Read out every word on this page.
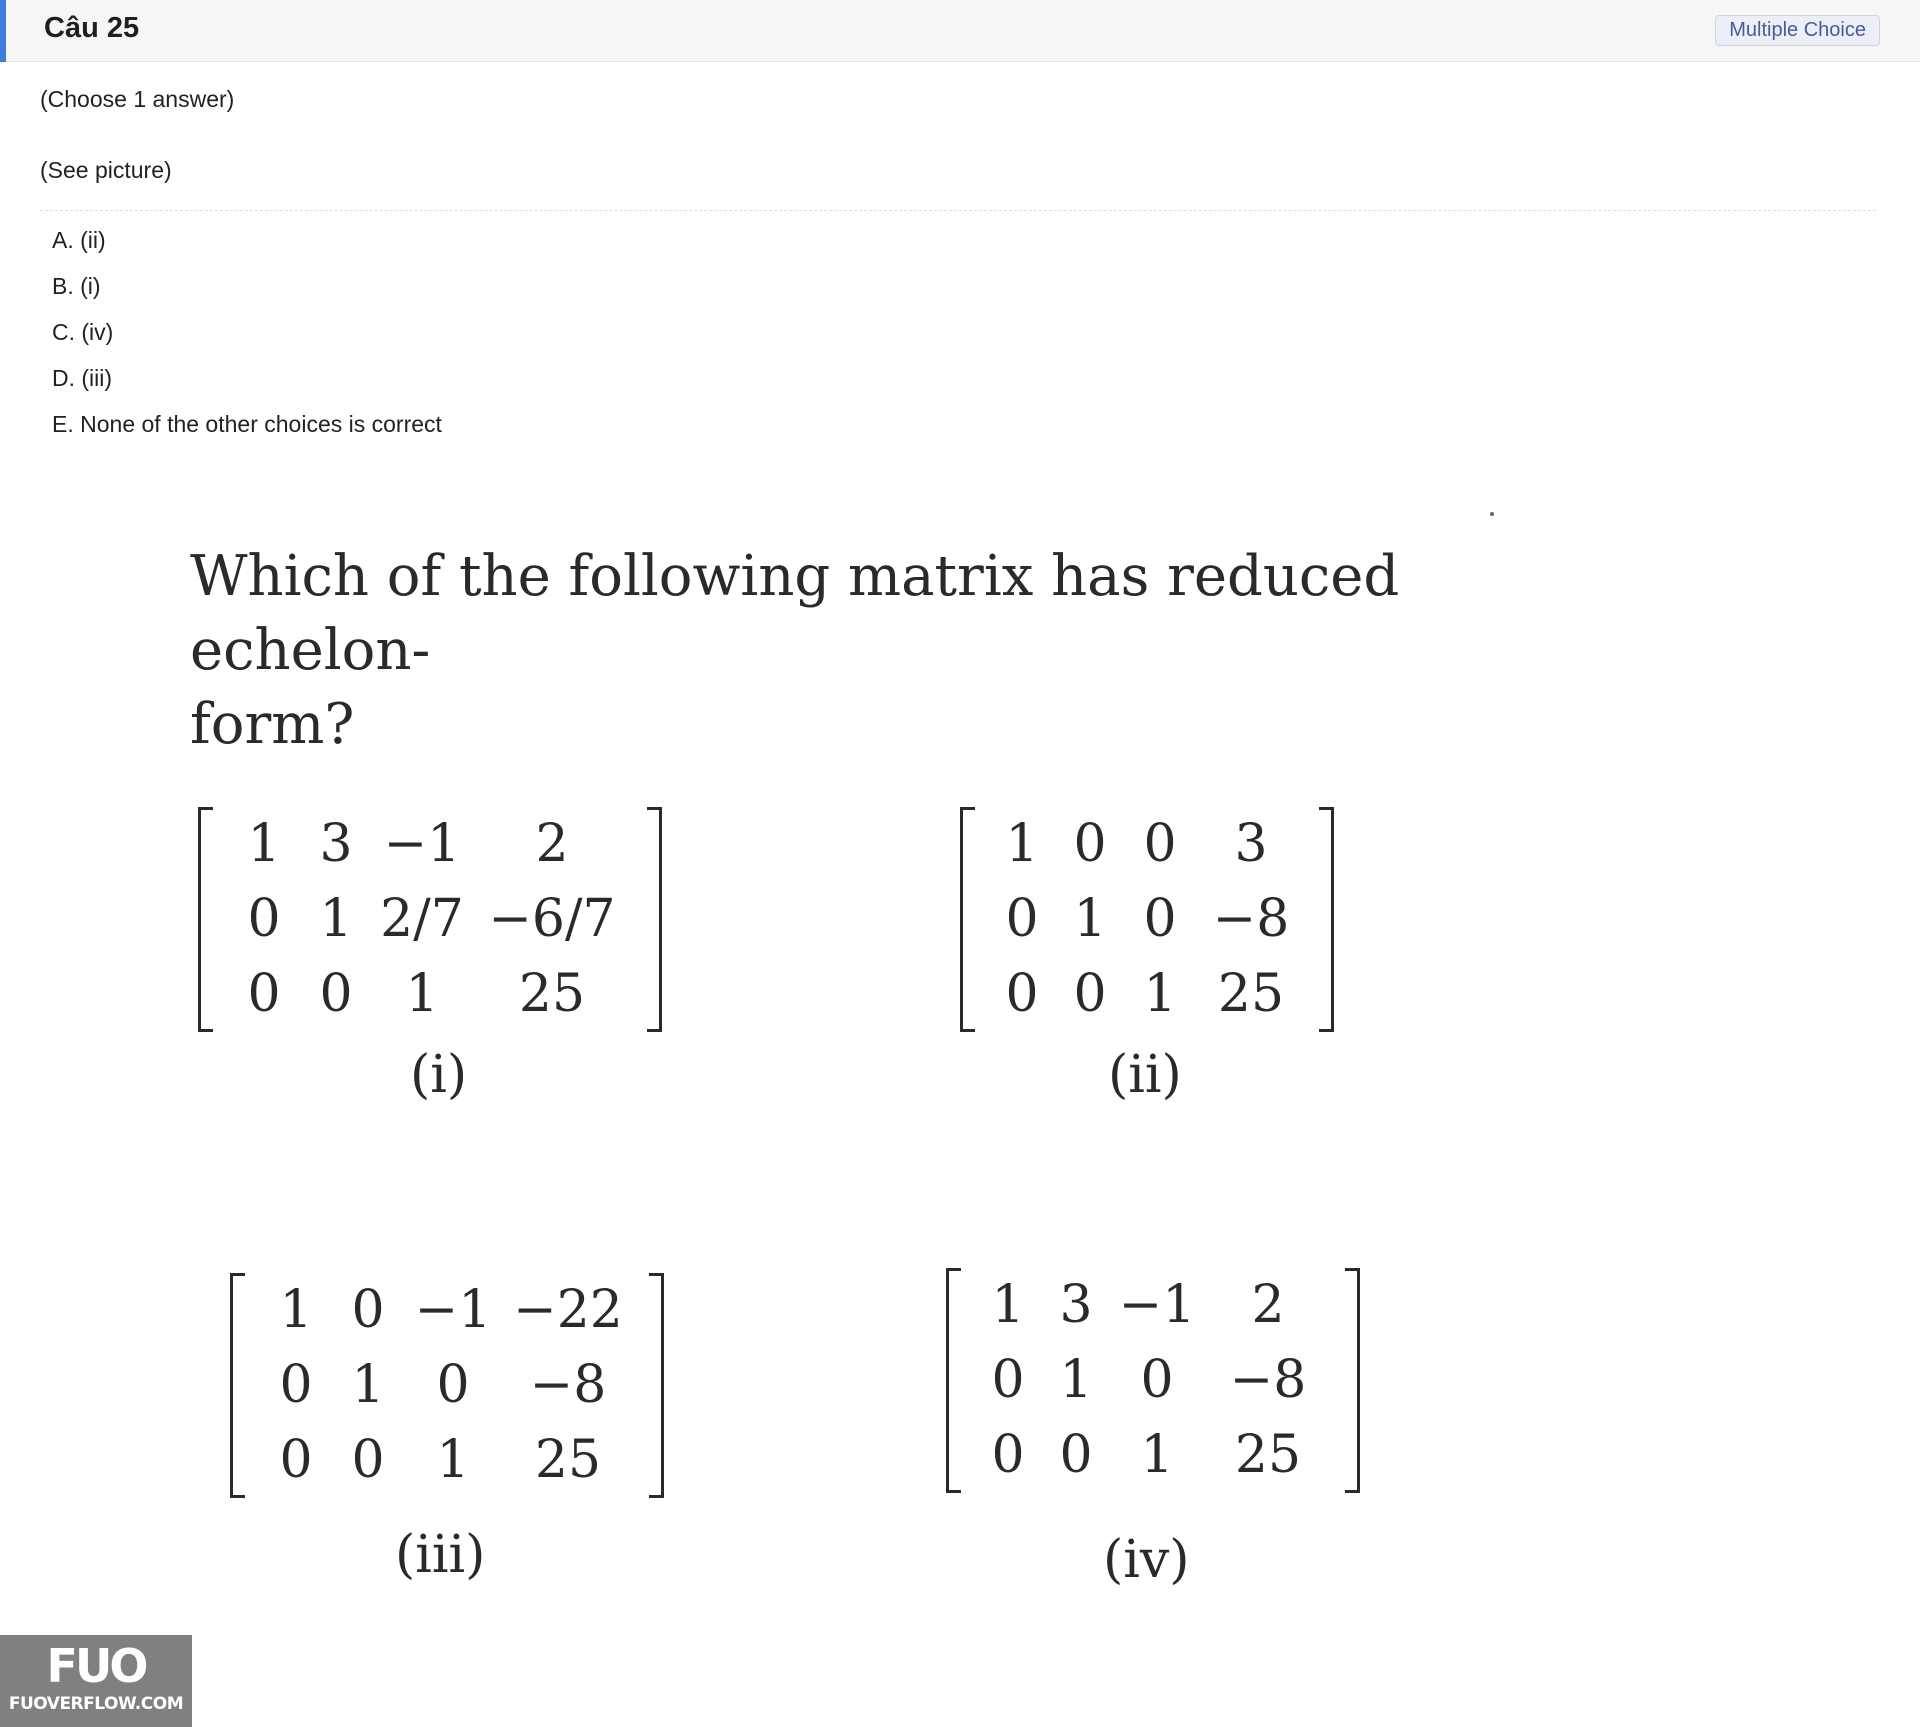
Câu 25	Multiple Choice
(Choose 1 answer)
(See picture)
A. (ii)
B. (i)
C. (iv)
D. (iii)
E. None of the other choices is correct
Which of the following matrix has reduced echelon-
form?
1	3	−1	2
0	1	2/7	−6/7
0	0	1	25
(i)
1	0	0	3
0	1	0	−8
0	0	1	25
(ii)
1	0	−1	−22
0	1	0	−8
0	0	1	25
(iii)
1	3	−1	2
0	1	0	−8
0	0	1	25
(iv)
FUO
FUOVERFLOW.COM
